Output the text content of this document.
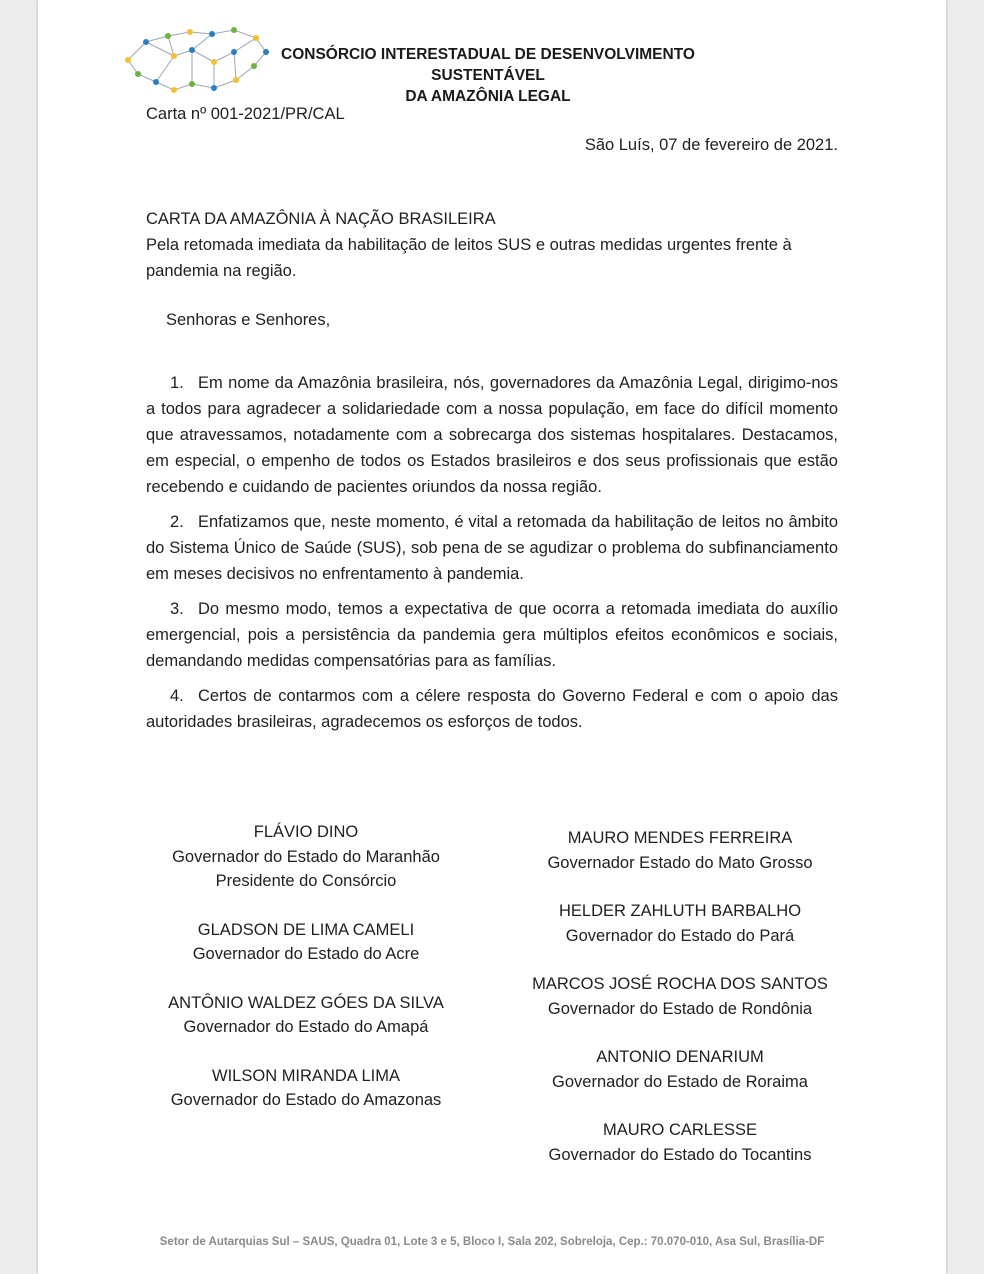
CONSÓRCIO INTERESTADUAL DE DESENVOLVIMENTO SUSTENTÁVEL
DA AMAZÔNIA LEGAL
Carta nº 001-2021/PR/CAL
São Luís, 07 de fevereiro de 2021.
CARTA DA AMAZÔNIA À NAÇÃO BRASILEIRA
Pela retomada imediata da habilitação de leitos SUS e outras medidas urgentes frente à pandemia na região.
Senhoras e Senhores,

1. Em nome da Amazônia brasileira, nós, governadores da Amazônia Legal, dirigimo-nos a todos para agradecer a solidariedade com a nossa população, em face do difícil momento que atravessamos, notadamente com a sobrecarga dos sistemas hospitalares. Destacamos, em especial, o empenho de todos os Estados brasileiros e dos seus profissionais que estão recebendo e cuidando de pacientes oriundos da nossa região.

2. Enfatizamos que, neste momento, é vital a retomada da habilitação de leitos no âmbito do Sistema Único de Saúde (SUS), sob pena de se agudizar o problema do subfinanciamento em meses decisivos no enfrentamento à pandemia.

3. Do mesmo modo, temos a expectativa de que ocorra a retomada imediata do auxílio emergencial, pois a persistência da pandemia gera múltiplos efeitos econômicos e sociais, demandando medidas compensatórias para as famílias.

4. Certos de contarmos com a célere resposta do Governo Federal e com o apoio das autoridades brasileiras, agradecemos os esforços de todos.

FLÁVIO DINO
Governador do Estado do Maranhão
Presidente do Consórcio
GLADSON DE LIMA CAMELI
Governador do Estado do Acre
ANTÔNIO WALDEZ GÓES DA SILVA
Governador do Estado do Amapá
WILSON MIRANDA LIMA
Governador do Estado do Amazonas
MAURO MENDES FERREIRA
Governador Estado do Mato Grosso
HELDER ZAHLUTH BARBALHO
Governador do Estado do Pará
MARCOS JOSÉ ROCHA DOS SANTOS
Governador do Estado de Rondônia
ANTONIO DENARIUM
Governador do Estado de Roraima
MAURO CARLESSE
Governador do Estado do Tocantins
Setor de Autarquias Sul – SAUS, Quadra 01, Lote 3 e 5, Bloco I, Sala 202, Sobreloja, Cep.: 70.070-010, Asa Sul, Brasília-DF
